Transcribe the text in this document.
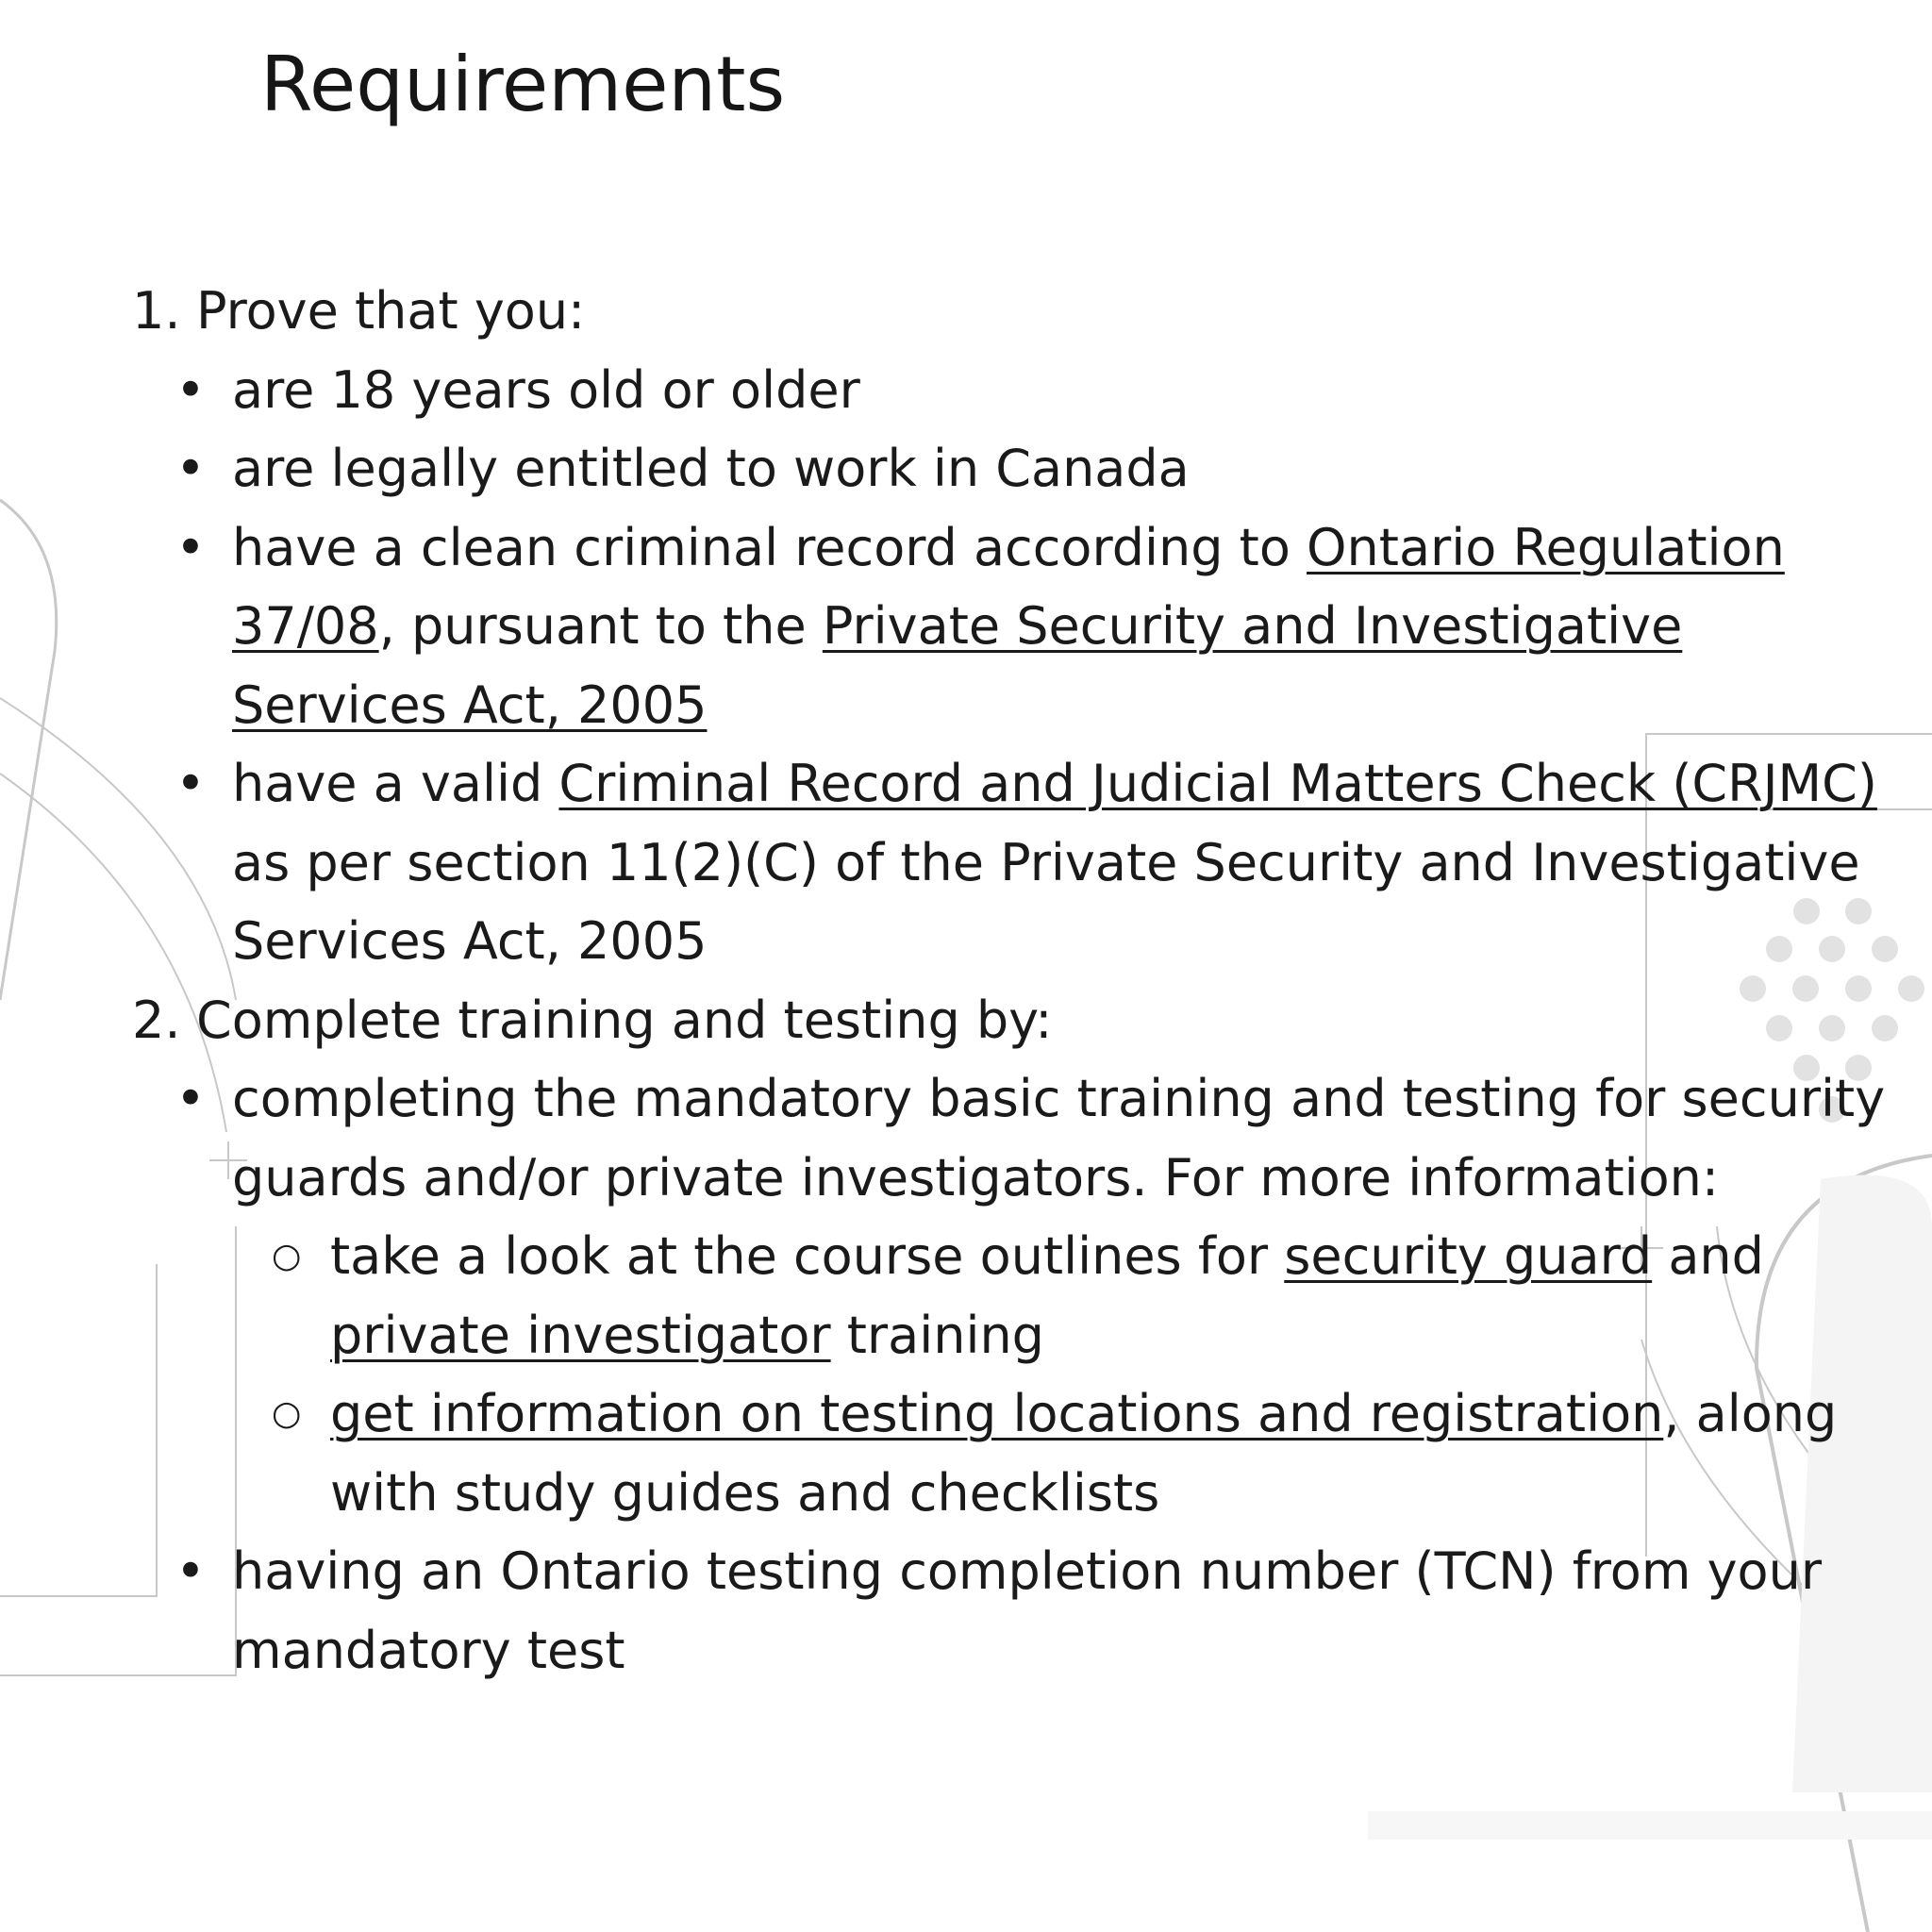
Requirements
1. Prove that you:
• are 18 years old or older
• are legally entitled to work in Canada
• have a clean criminal record according to Ontario Regulation 37/08, pursuant to the Private Security and Investigative Services Act, 2005
• have a valid Criminal Record and Judicial Matters Check (CRJMC) as per section 11(2)(C) of the Private Security and Investigative Services Act, 2005
2. Complete training and testing by:
• completing the mandatory basic training and testing for security guards and/or private investigators. For more information:
○ take a look at the course outlines for security guard and private investigator training
○ get information on testing locations and registration, along with study guides and checklists
• having an Ontario testing completion number (TCN) from your mandatory test
